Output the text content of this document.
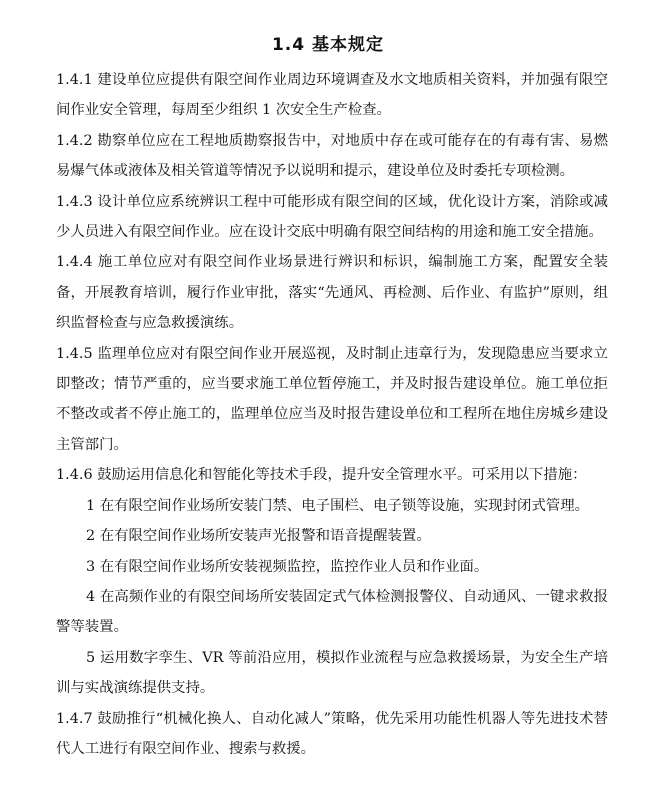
1.4 基本规定

1.4.1 建设单位应提供有限空间作业周边环境调查及水文地质相关资料，并加强有限空间作业安全管理，每周至少组织 1 次安全生产检查。

1.4.2 勘察单位应在工程地质勘察报告中，对地质中存在或可能存在的有毒有害、易燃易爆气体或液体及相关管道等情况予以说明和提示，建设单位及时委托专项检测。

1.4.3 设计单位应系统辨识工程中可能形成有限空间的区域，优化设计方案，消除或减少人员进入有限空间作业。应在设计交底中明确有限空间结构的用途和施工安全措施。

1.4.4 施工单位应对有限空间作业场景进行辨识和标识，编制施工方案，配置安全装备，开展教育培训，履行作业审批，落实“先通风、再检测、后作业、有监护”原则，组织监督检查与应急救援演练。

1.4.5 监理单位应对有限空间作业开展巡视，及时制止违章行为，发现隐患应当要求立即整改；情节严重的，应当要求施工单位暂停施工，并及时报告建设单位。施工单位拒不整改或者不停止施工的，监理单位应当及时报告建设单位和工程所在地住房城乡建设主管部门。

1.4.6 鼓励运用信息化和智能化等技术手段，提升安全管理水平。可采用以下措施：

1 在有限空间作业场所安装门禁、电子围栏、电子锁等设施，实现封闭式管理。

2 在有限空间作业场所安装声光报警和语音提醒装置。

3 在有限空间作业场所安装视频监控，监控作业人员和作业面。

4 在高频作业的有限空间场所安装固定式气体检测报警仪、自动通风、一键求救报警等装置。

5 运用数字孪生、VR 等前沿应用，模拟作业流程与应急救援场景，为安全生产培训与实战演练提供支持。

1.4.7 鼓励推行“机械化换人、自动化减人”策略，优先采用功能性机器人等先进技术替代人工进行有限空间作业、搜索与救援。
